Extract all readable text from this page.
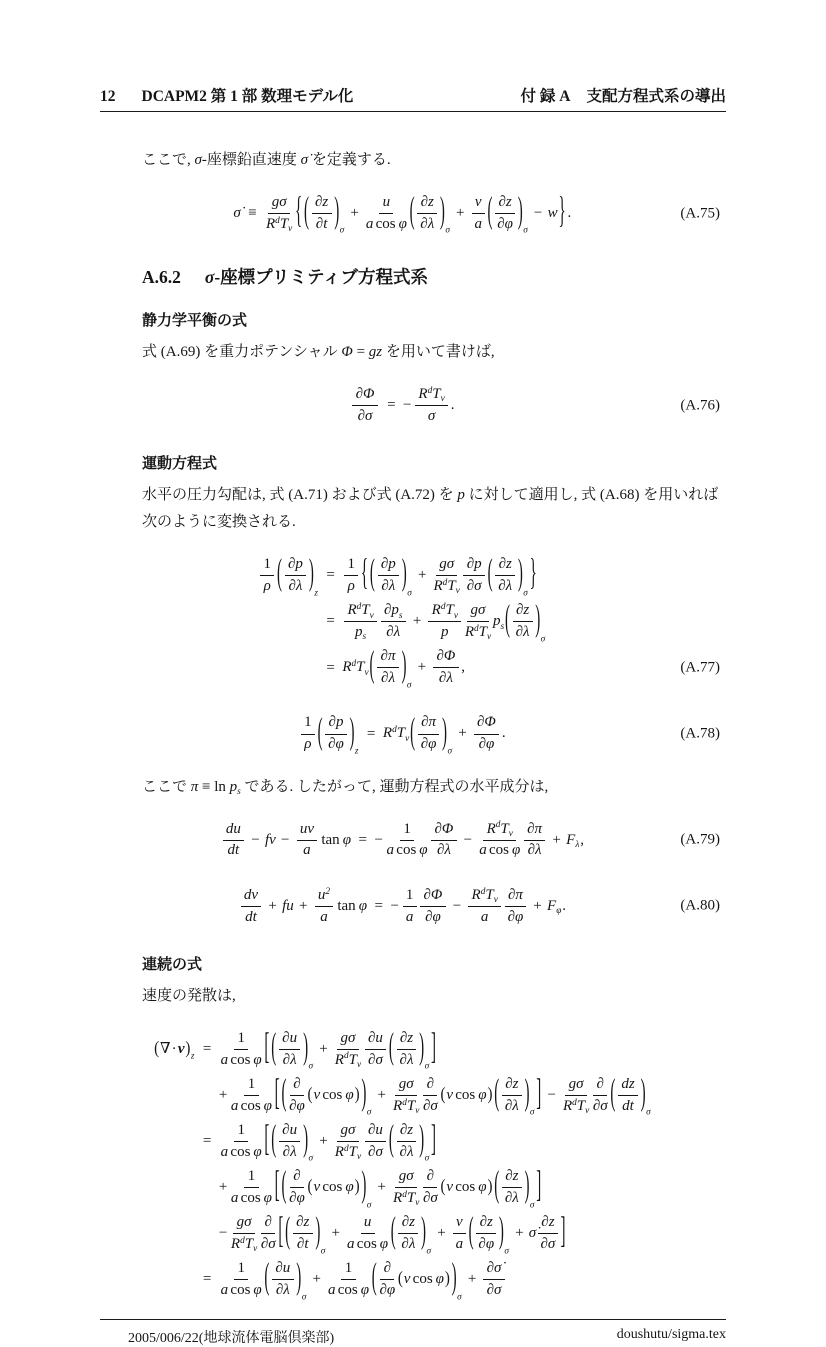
12 DCAPM2 第 1 部 数理モデル化	付 録 A 支配方程式系の導出
ここで, σ-座標鉛直速度 σ̇ を定義する.
σ̇ ≡
gσ
$R^dT_v$ { ( $\frac{\partial z}{\partial t}$ ) σ
+ $\frac{u}{\text{a cos φ}}$ ( $\frac{\partial z}{\partial\lambda}$ ) σ
+ $\frac{v}{a}$ ( $\frac{\partial z}{\partial\varphi}$ ) σ
− w } .	(A.75)
A.6.2 σ-座標プリミティブ方程式系
静力学平衡の式
式 (A.69) を重力ポテンシャル Φ = gz を用いて書けば,
$\frac{\partial\Phi}{\partial\sigma}$ = −
$R^dT_v$
σ
.	(A.76)
運動方程式
水平の圧力勾配は, 式 (A.71) および式 (A.72) を p に対して適用し, 式 (A.68) を用いれば次のように変換される.
$\frac{1}{\rho}$ ( $\frac{\partial p}{\partial\lambda}$ ) z
= $\frac{1}{\rho}$ { ( $\frac{\partial p}{\partial\lambda}$ ) σ
+
gσ
$R^dT_v \frac{\partial p}{\partial\sigma}$ ( $\frac{\partial z}{\partial\lambda}$ ) σ }
=
$R^dT_v$
$p_s \frac{\partial p_s}{\partial\lambda}$ +
$R^dT_v$
p
gσ
$R^dT_v$
$p_s$ ( $\frac{\partial z}{\partial\lambda}$ ) σ
= $R^dT_v$ ( $\frac{\partial\pi}{\partial\lambda}$ ) σ
+ $\frac{\partial\Phi}{\partial\lambda}$ ,	(A.77)
$\frac{1}{\rho}$ ( $\frac{\partial p}{\partial\varphi}$ ) z
= $R^dT_v$ ( $\frac{\partial\pi}{\partial\varphi}$ ) σ
+ $\frac{\partial\Phi}{\partial\varphi}$ .	(A.78)
ここで $\pi \equiv \ln p_s$ である. したがって, 運動方程式の水平成分は,
$\frac{du}{dt}$ − fv − $\frac{uv}{a}$ tan φ = − $\frac{1}{\text{a cos φ}} \frac{\partial\Phi}{\partial\lambda}$ −
$R^dT_v$
a cos φ $\frac{\partial\pi}{\partial\lambda} + F_\lambda$,	(A.79)
$\frac{dv}{dt}$ + fu + $\frac{u^2}{a}$ tan φ = − $\frac{1}{a} \frac{\partial\Phi}{\partial\varphi}$ −
$R^dT_v$
a $\frac{\partial\pi}{\partial\varphi} + F_\varphi$.	(A.80)
連続の式
速度の発散は,
( ∇·v ) $z = \frac{1}{\text{a cos φ}}$ [ ( $\frac{\partial u}{\partial\lambda}$ ) σ
+
gσ
$R^dT_v \frac{\partial u}{\partial\sigma}$ ( $\frac{\partial z}{\partial\lambda}$ ) σ ]
+ $\frac{1}{\text{a cos φ}}$ [ ( ∂
∂φ
( v cos φ ) ) σ
+
gσ
$R^dT_v$
∂
∂σ
( v cos φ ) ( $\frac{\partial z}{\partial\lambda}$ ) σ ] −
gσ
$R^dT_v$
∂
∂σ ( $\frac{dz}{dt}$ ) σ
= $\frac{1}{\text{a cos φ}}$ [ ( $\frac{\partial u}{\partial\lambda}$ ) σ
+
gσ
$R^dT_v \frac{\partial u}{\partial\sigma}$ ( $\frac{\partial z}{\partial\lambda}$ ) σ ]
+ $\frac{1}{\text{a cos φ}}$ [ ( ∂
∂φ
( v cos φ ) ) σ
+
gσ
$R^dT_v$
∂
∂σ
( v cos φ ) ( $\frac{\partial z}{\partial\lambda}$ ) σ ]
−
gσ
$R^dT_v$
∂
∂σ [ ( $\frac{\partial z}{\partial t}$ ) σ
+ $\frac{u}{\text{a cos φ}}$ ( $\frac{\partial z}{\partial\lambda}$ ) σ
+ $\frac{v}{a}$ ( $\frac{\partial z}{\partial\varphi}$ ) σ
+ σ̇ $\frac{\partial z}{\partial\sigma}$ ]
= $\frac{1}{\text{a cos φ}}$ ( $\frac{\partial u}{\partial\lambda}$ ) σ
+ $\frac{1}{\text{a cos φ}}$ ( ∂
∂φ
( v cos φ ) ) σ
+ $\frac{\partial\sigmȧ}{\partial\sigma}$
2005/006/22(地球流体電脳倶楽部)	doushutu/sigma.tex
